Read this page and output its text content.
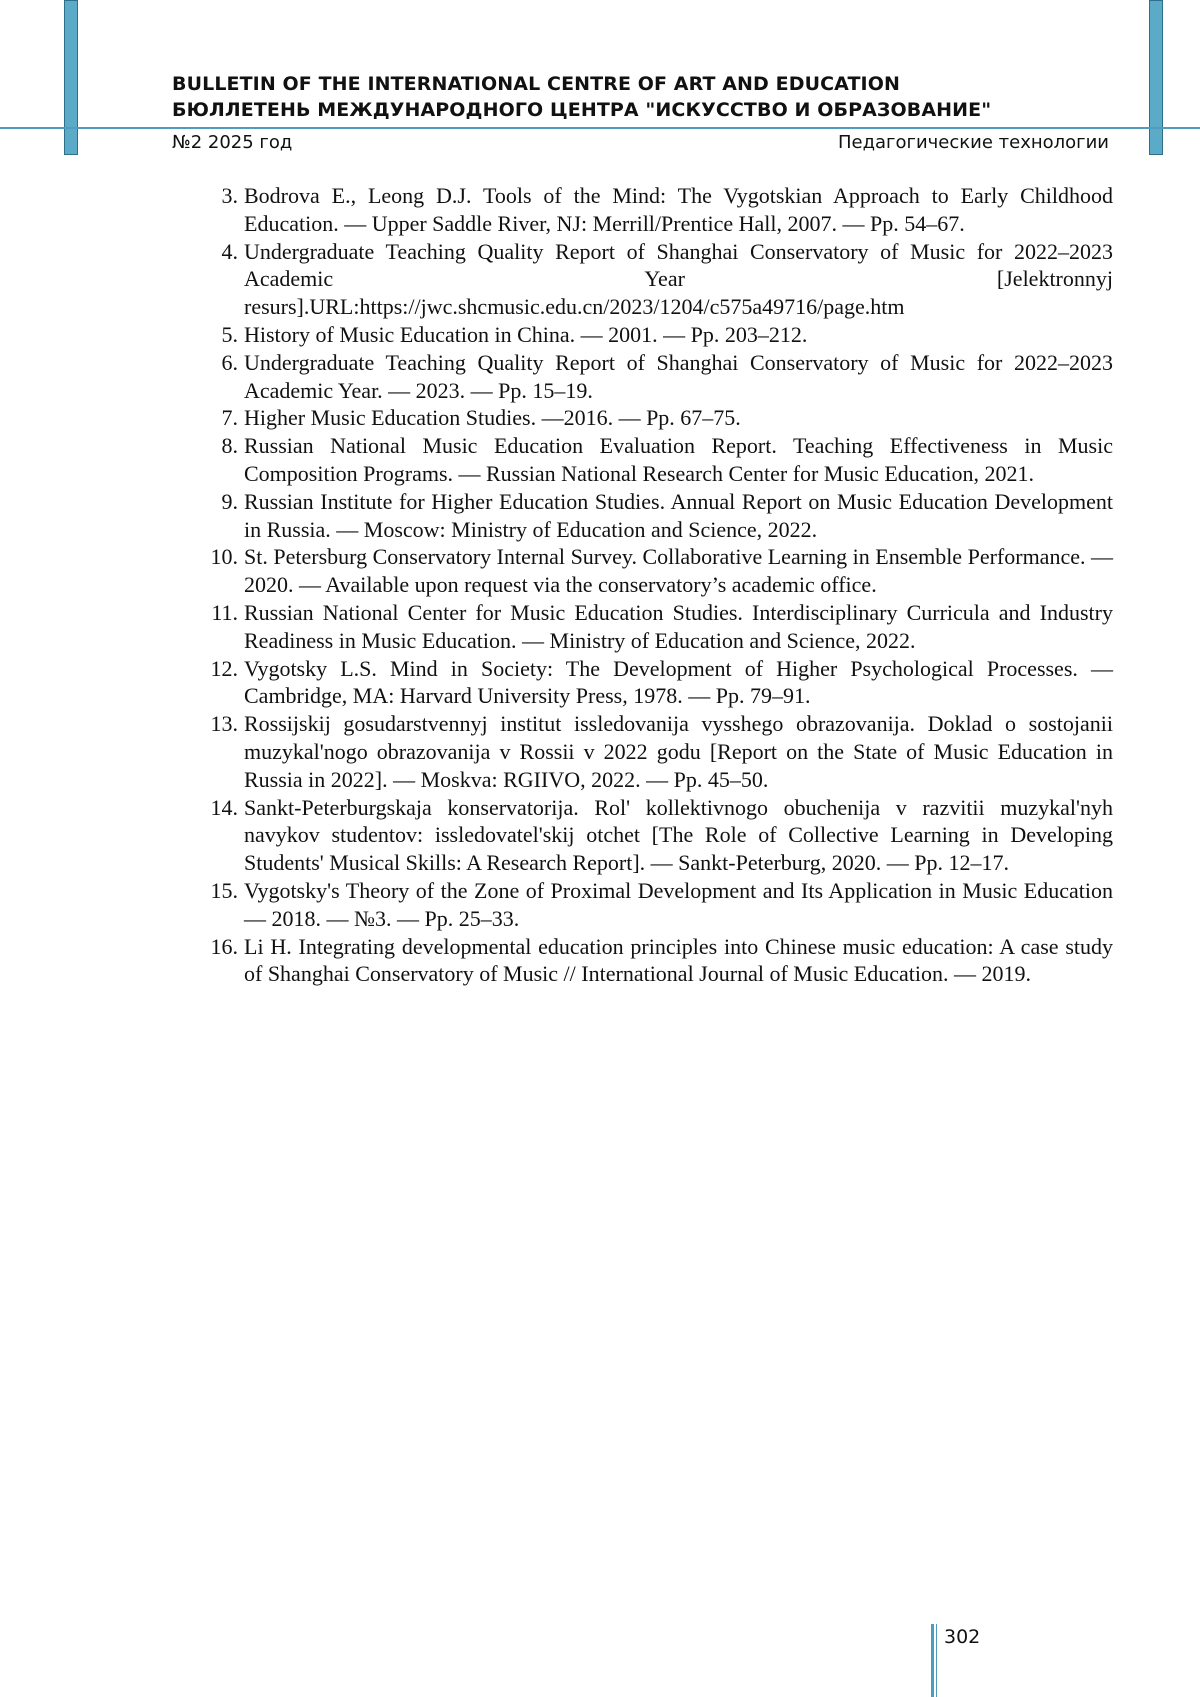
BULLETIN OF THE INTERNATIONAL CENTRE OF ART AND EDUCATION
БЮЛЛЕТЕНЬ МЕЖДУНАРОДНОГО ЦЕНТРА "ИСКУССТВО И ОБРАЗОВАНИЕ"
№2 2025 год	Педагогические технологии
3. Bodrova E., Leong D.J. Tools of the Mind: The Vygotskian Approach to Early Childhood Education. — Upper Saddle River, NJ: Merrill/Prentice Hall, 2007. — Pp. 54–67.
4. Undergraduate Teaching Quality Report of Shanghai Conservatory of Music for 2022–2023 Academic Year [Jelektronnyj resurs].URL:https://jwc.shcmusic.edu.cn/2023/1204/c575a49716/page.htm
5. History of Music Education in China. — 2001. — Pp. 203–212.
6. Undergraduate Teaching Quality Report of Shanghai Conservatory of Music for 2022–2023 Academic Year. — 2023. — Pp. 15–19.
7. Higher Music Education Studies. —2016. — Pp. 67–75.
8. Russian National Music Education Evaluation Report. Teaching Effectiveness in Music Composition Programs. — Russian National Research Center for Music Education, 2021.
9. Russian Institute for Higher Education Studies. Annual Report on Music Education Development in Russia. — Moscow: Ministry of Education and Science, 2022.
10. St. Petersburg Conservatory Internal Survey. Collaborative Learning in Ensemble Performance. — 2020. — Available upon request via the conservatory’s academic office.
11. Russian National Center for Music Education Studies. Interdisciplinary Curricula and Industry Readiness in Music Education. — Ministry of Education and Science, 2022.
12. Vygotsky L.S. Mind in Society: The Development of Higher Psychological Processes. — Cambridge, MA: Harvard University Press, 1978. — Pp. 79–91.
13. Rossijskij gosudarstvennyj institut issledovanija vysshego obrazovanija. Doklad o sostojanii muzykal'nogo obrazovanija v Rossii v 2022 godu [Report on the State of Music Education in Russia in 2022]. — Moskva: RGIIVO, 2022. — Pp. 45–50.
14. Sankt-Peterburgskaja konservatorija. Rol' kollektivnogo obuchenija v razvitii muzykal'nyh navykov studentov: issledovatel'skij otchet [The Role of Collective Learning in Developing Students' Musical Skills: A Research Report]. — Sankt-Peterburg, 2020. — Pp. 12–17.
15. Vygotsky's Theory of the Zone of Proximal Development and Its Application in Music Education — 2018. — №3. — Pp. 25–33.
16. Li H. Integrating developmental education principles into Chinese music education: A case study of Shanghai Conservatory of Music // International Journal of Music Education. — 2019.
302
